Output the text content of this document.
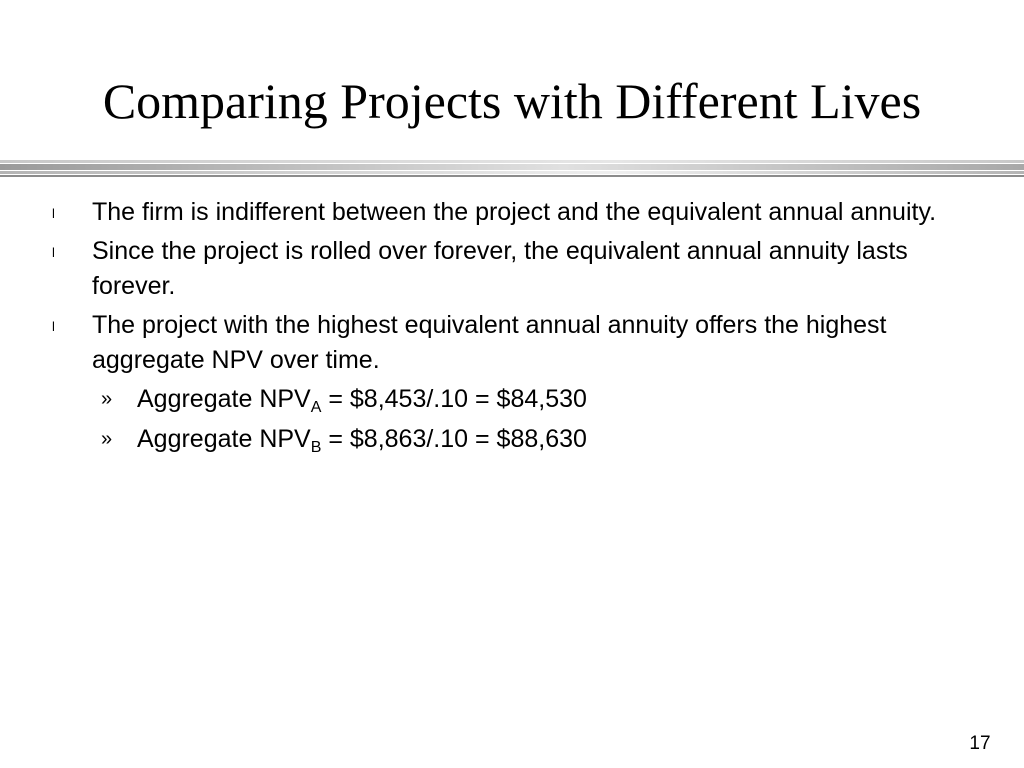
Comparing Projects with Different Lives
l The firm is indifferent between the project and the equivalent annual annuity.
l Since the project is rolled over forever, the equivalent annual annuity lasts forever.
l The project with the highest equivalent annual annuity offers the highest aggregate NPV over time.
» Aggregate $NPV_A$ = $8,453/.10 = $84,530
» Aggregate $NPV_B$ = $8,863/.10 = $88,630
17
